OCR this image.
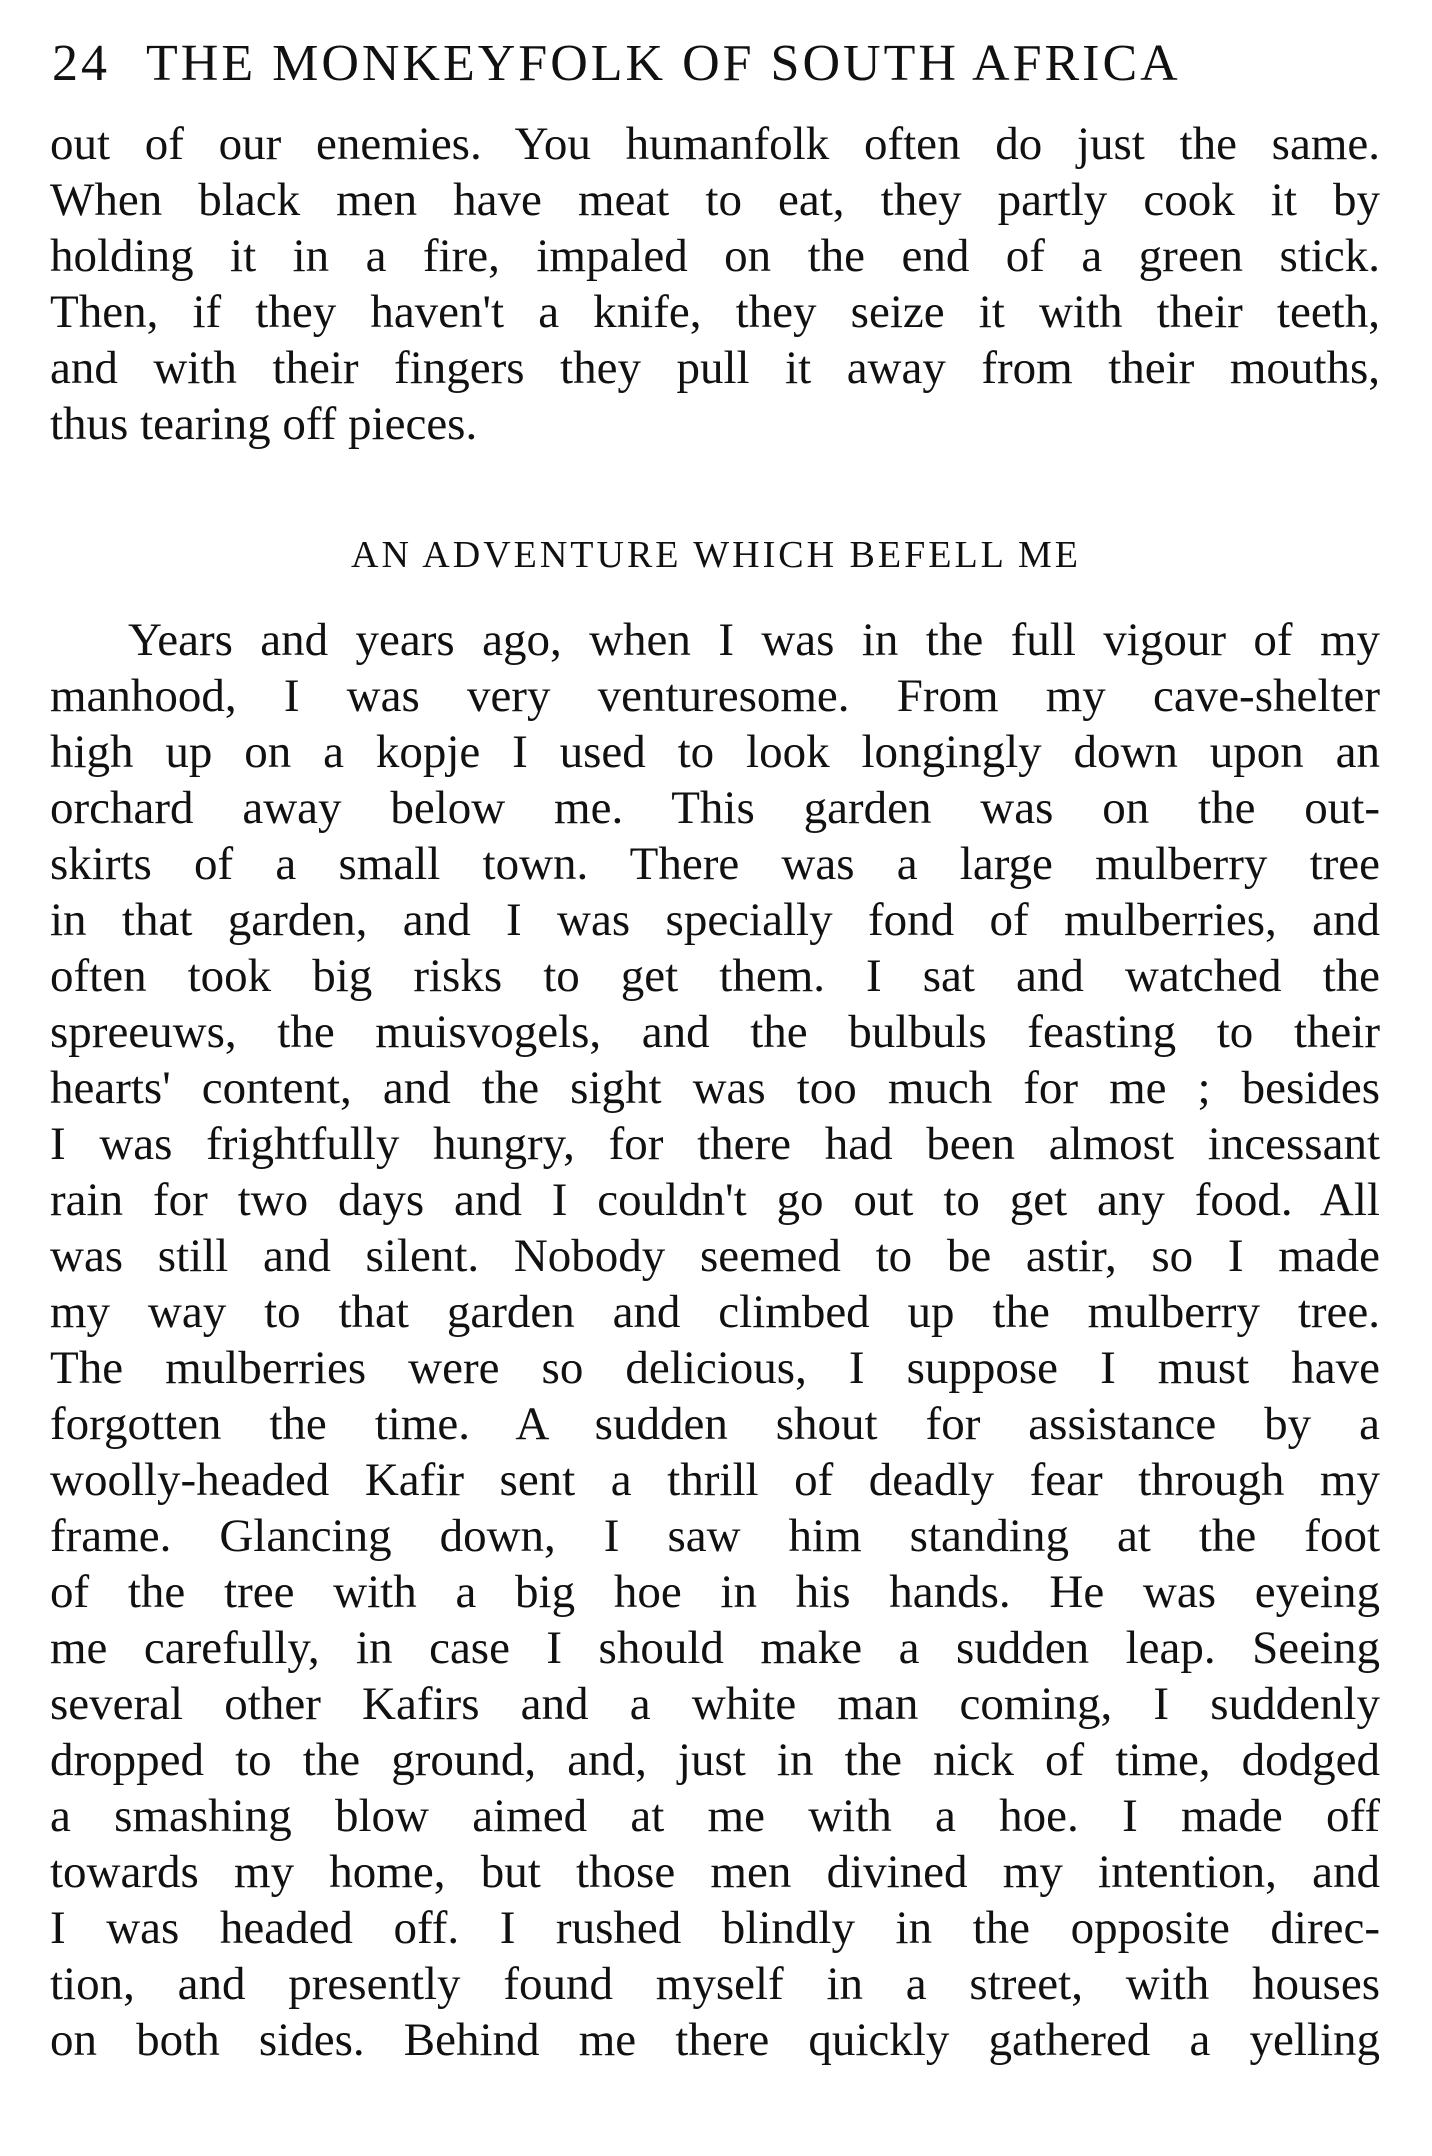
24 THE MONKEYFOLK OF SOUTH AFRICA
out of our enemies. You humanfolk often do just the same.
When black men have meat to eat, they partly cook it by
holding it in a fire, impaled on the end of a green stick.
Then, if they haven't a knife, they seize it with their teeth,
and with their fingers they pull it away from their mouths,
thus tearing off pieces.
AN ADVENTURE WHICH BEFELL ME
Years and years ago, when I was in the full vigour of my
manhood, I was very venturesome. From my cave-shelter
high up on a kopje I used to look longingly down upon an
orchard away below me. This garden was on the out-
skirts of a small town. There was a large mulberry tree
in that garden, and I was specially fond of mulberries, and
often took big risks to get them. I sat and watched the
spreeuws, the muisvogels, and the bulbuls feasting to their
hearts' content, and the sight was too much for me ; besides
I was frightfully hungry, for there had been almost incessant
rain for two days and I couldn't go out to get any food. All
was still and silent. Nobody seemed to be astir, so I made
my way to that garden and climbed up the mulberry tree.
The mulberries were so delicious, I suppose I must have
forgotten the time. A sudden shout for assistance by a
woolly-headed Kafir sent a thrill of deadly fear through my
frame. Glancing down, I saw him standing at the foot
of the tree with a big hoe in his hands. He was eyeing
me carefully, in case I should make a sudden leap. Seeing
several other Kafirs and a white man coming, I suddenly
dropped to the ground, and, just in the nick of time, dodged
a smashing blow aimed at me with a hoe. I made off
towards my home, but those men divined my intention, and
I was headed off. I rushed blindly in the opposite direc-
tion, and presently found myself in a street, with houses
on both sides. Behind me there quickly gathered a yelling
